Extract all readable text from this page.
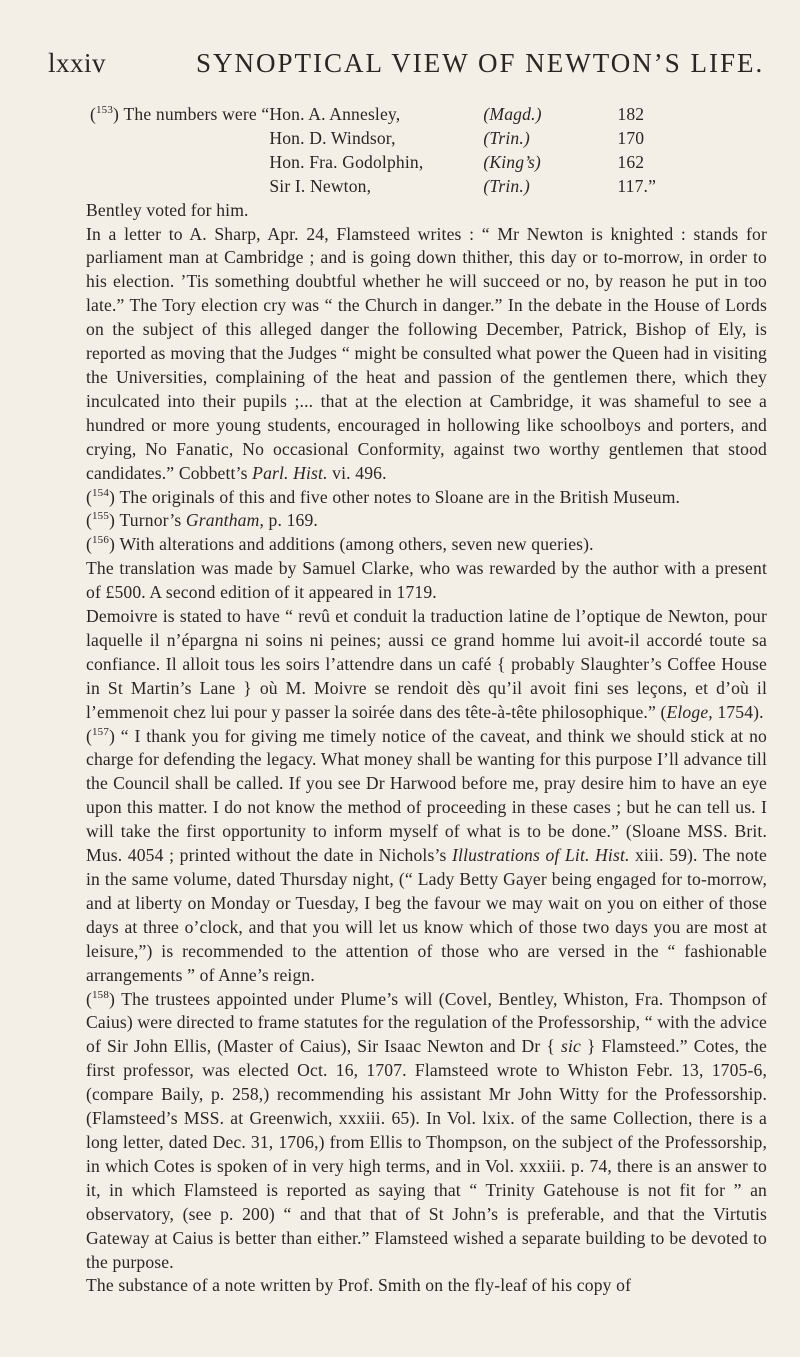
lxxiv	SYNOPTICAL VIEW OF NEWTON’S LIFE.
($^{153}$) The numbers were “ Hon. A. Annesley,	(Magd.)	182
Hon. D. Windsor,	(Trin.)	170
Hon. Fra. Godolphin,	(King’s)	162
Sir I. Newton,	(Trin.)	117.”

Bentley voted for him.

In a letter to A. Sharp, Apr. 24, Flamsteed writes : “ Mr Newton is knighted : stands for parliament man at Cambridge ; and is going down thither, this day or to-morrow, in order to his election. ’Tis something doubtful whether he will succeed or no, by reason he put in too late.” The Tory election cry was “ the Church in danger.” In the debate in the House of Lords on the subject of this alleged danger the following December, Patrick, Bishop of Ely, is reported as moving that the Judges “ might be consulted what power the Queen had in visiting the Universities, complaining of the heat and passion of the gentlemen there, which they inculcated into their pupils ;... that at the election at Cambridge, it was shameful to see a hundred or more young students, encouraged in hollowing like schoolboys and porters, and crying, No Fanatic, No occasional Conformity, against two worthy gentlemen that stood candidates.” Cobbett’s Parl. Hist. vi. 496.

($^{154}$) The originals of this and five other notes to Sloane are in the British Museum.

($^{155}$) Turnor’s Grantham, p. 169.

($^{156}$) With alterations and additions (among others, seven new queries).

The translation was made by Samuel Clarke, who was rewarded by the author with a present of £500. A second edition of it appeared in 1719.

Demoivre is stated to have “ revû et conduit la traduction latine de l’optique de Newton, pour laquelle il n’épargna ni soins ni peines; aussi ce grand homme lui avoit-il accordé toute sa confiance. Il alloit tous les soirs l’attendre dans un café { probably Slaughter’s Coffee House in St Martin’s Lane } où M. Moivre se rendoit dès qu’il avoit fini ses leçons, et d’où il l’emmenoit chez lui pour y passer la soirée dans des tête-à-tête philosophique.” (Eloge, 1754).

($^{157}$) “ I thank you for giving me timely notice of the caveat, and think we should stick at no charge for defending the legacy. What money shall be wanting for this purpose I’ll advance till the Council shall be called. If you see Dr Harwood before me, pray desire him to have an eye upon this matter. I do not know the method of proceeding in these cases ; but he can tell us. I will take the first opportunity to inform myself of what is to be done.” (Sloane MSS. Brit. Mus. 4054 ; printed without the date in Nichols’s Illustrations of Lit. Hist. xiii. 59). The note in the same volume, dated Thursday night, (“ Lady Betty Gayer being engaged for to-morrow, and at liberty on Monday or Tuesday, I beg the favour we may wait on you on either of those days at three o’clock, and that you will let us know which of those two days you are most at leisure,”) is recommended to the attention of those who are versed in the “ fashionable arrangements ” of Anne’s reign.

($^{158}$) The trustees appointed under Plume’s will (Covel, Bentley, Whiston, Fra. Thompson of Caius) were directed to frame statutes for the regulation of the Professorship, “ with the advice of Sir John Ellis, (Master of Caius), Sir Isaac Newton and Dr { sic } Flamsteed.” Cotes, the first professor, was elected Oct. 16, 1707. Flamsteed wrote to Whiston Febr. 13, 1705-6, (compare Baily, p. 258,) recommending his assistant Mr John Witty for the Professorship. (Flamsteed’s MSS. at Greenwich, xxxiii. 65). In Vol. lxix. of the same Collection, there is a long letter, dated Dec. 31, 1706,) from Ellis to Thompson, on the subject of the Professorship, in which Cotes is spoken of in very high terms, and in Vol. xxxiii. p. 74, there is an answer to it, in which Flamsteed is reported as saying that “ Trinity Gatehouse is not fit for ” an observatory, (see p. 200) “ and that that of St John’s is preferable, and that the Virtutis Gateway at Caius is better than either.” Flamsteed wished a separate building to be devoted to the purpose.

The substance of a note written by Prof. Smith on the fly-leaf of his copy of
